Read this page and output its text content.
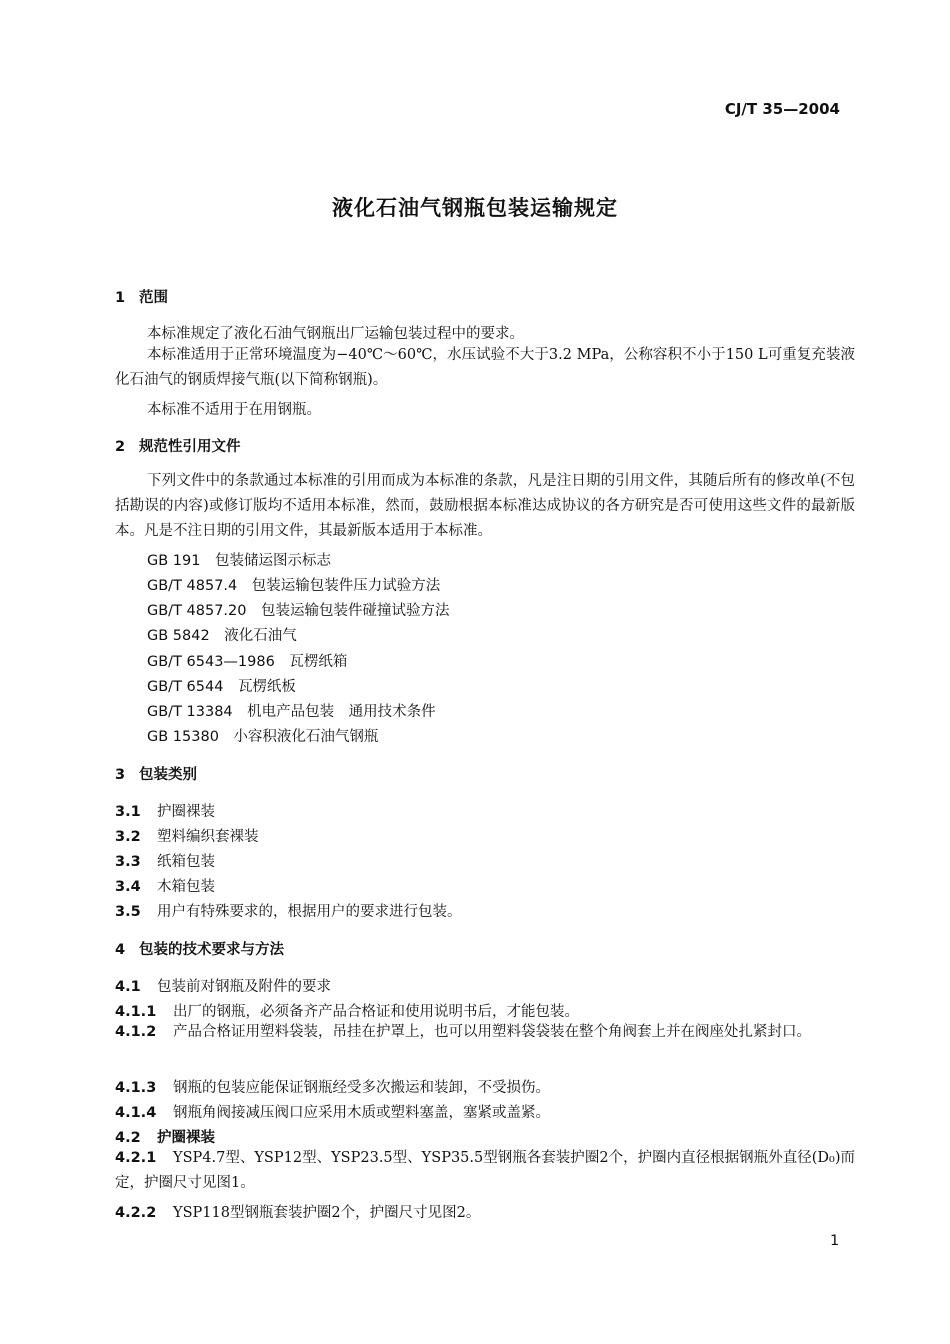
CJ/T 35—2004
液化石油气钢瓶包装运输规定
1 范围
本标准规定了液化石油气钢瓶出厂运输包装过程中的要求。
本标准适用于正常环境温度为−40℃～60℃，水压试验不大于3.2 MPa，公称容积不小于150 L可重复充装液化石油气的钢质焊接气瓶(以下简称钢瓶)。
本标准不适用于在用钢瓶。
2 规范性引用文件
下列文件中的条款通过本标准的引用而成为本标准的条款，凡是注日期的引用文件，其随后所有的修改单(不包括勘误的内容)或修订版均不适用本标准，然而，鼓励根据本标准达成协议的各方研究是否可使用这些文件的最新版本。凡是不注日期的引用文件，其最新版本适用于本标准。
GB 191　 包装储运图示标志
GB/T 4857.4　 包装运输包装件压力试验方法
GB/T 4857.20　 包装运输包装件碰撞试验方法
GB 5842　 液化石油气
GB/T 6543—1986　 瓦楞纸箱
GB/T 6544　 瓦楞纸板
GB/T 13384　 机电产品包装　通用技术条件
GB 15380　 小容积液化石油气钢瓶
3 包装类别
3.1 护圈裸装
3.2 塑料编织套裸装
3.3 纸箱包装
3.4 木箱包装
3.5 用户有特殊要求的，根据用户的要求进行包装。
4 包装的技术要求与方法
4.1 包装前对钢瓶及附件的要求
4.1.1 出厂的钢瓶，必须备齐产品合格证和使用说明书后，才能包装。
4.1.2 产品合格证用塑料袋装，吊挂在护罩上，也可以用塑料袋袋装在整个角阀套上并在阀座处扎紧封口。
4.1.3 钢瓶的包装应能保证钢瓶经受多次搬运和装卸，不受损伤。
4.1.4 钢瓶角阀接减压阀口应采用木质或塑料塞盖，塞紧或盖紧。
4.2 护圈裸装
4.2.1 YSP4.7型、YSP12型、YSP23.5型、YSP35.5型钢瓶各套装护圈2个，护圈内直径根据钢瓶外直径(D₀)而定，护圈尺寸见图1。
4.2.2 YSP118型钢瓶套装护圈2个，护圈尺寸见图2。
1
